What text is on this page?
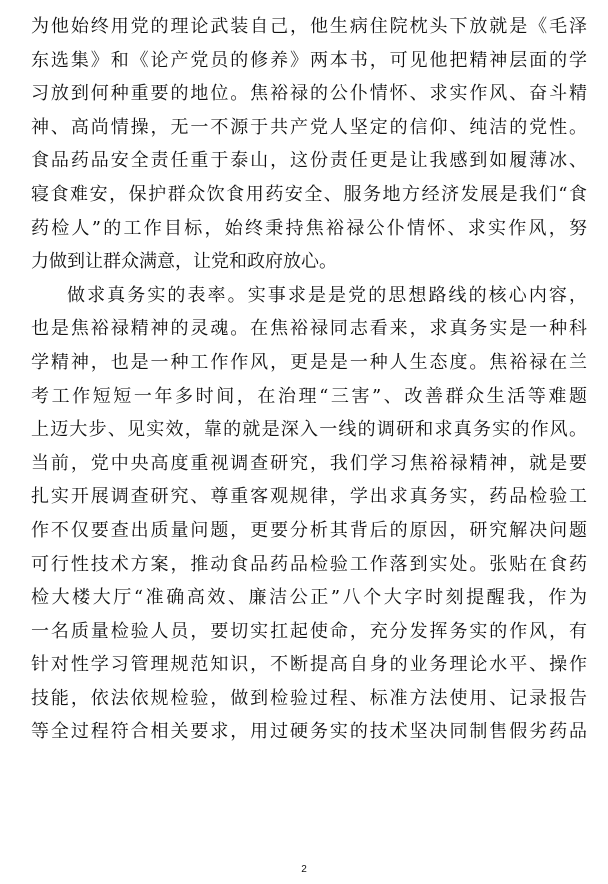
为他始终用党的理论武装自己，他生病住院枕头下放就是《毛泽
东选集》和《论产党员的修养》两本书，可见他把精神层面的学
习放到何种重要的地位。焦裕禄的公仆情怀、求实作风、奋斗精
神、高尚情操，无一不源于共产党人坚定的信仰、纯洁的党性。
食品药品安全责任重于泰山，这份责任更是让我感到如履薄冰、
寝食难安，保护群众饮食用药安全、服务地方经济发展是我们“食
药检人”的工作目标，始终秉持焦裕禄公仆情怀、求实作风，努
力做到让群众满意，让党和政府放心。
做求真务实的表率。实事求是是党的思想路线的核心内容，
也是焦裕禄精神的灵魂。在焦裕禄同志看来，求真务实是一种科
学精神，也是一种工作作风，更是是一种人生态度。焦裕禄在兰
考工作短短一年多时间，在治理“三害”、改善群众生活等难题
上迈大步、见实效，靠的就是深入一线的调研和求真务实的作风。
当前，党中央高度重视调查研究，我们学习焦裕禄精神，就是要
扎实开展调查研究、尊重客观规律，学出求真务实，药品检验工
作不仅要查出质量问题，更要分析其背后的原因，研究解决问题
可行性技术方案，推动食品药品检验工作落到实处。张贴在食药
检大楼大厅“准确高效、廉洁公正”八个大字时刻提醒我，作为
一名质量检验人员，要切实扛起使命，充分发挥务实的作风，有
针对性学习管理规范知识，不断提高自身的业务理论水平、操作
技能，依法依规检验，做到检验过程、标准方法使用、记录报告
等全过程符合相关要求，用过硬务实的技术坚决同制售假劣药品
2
